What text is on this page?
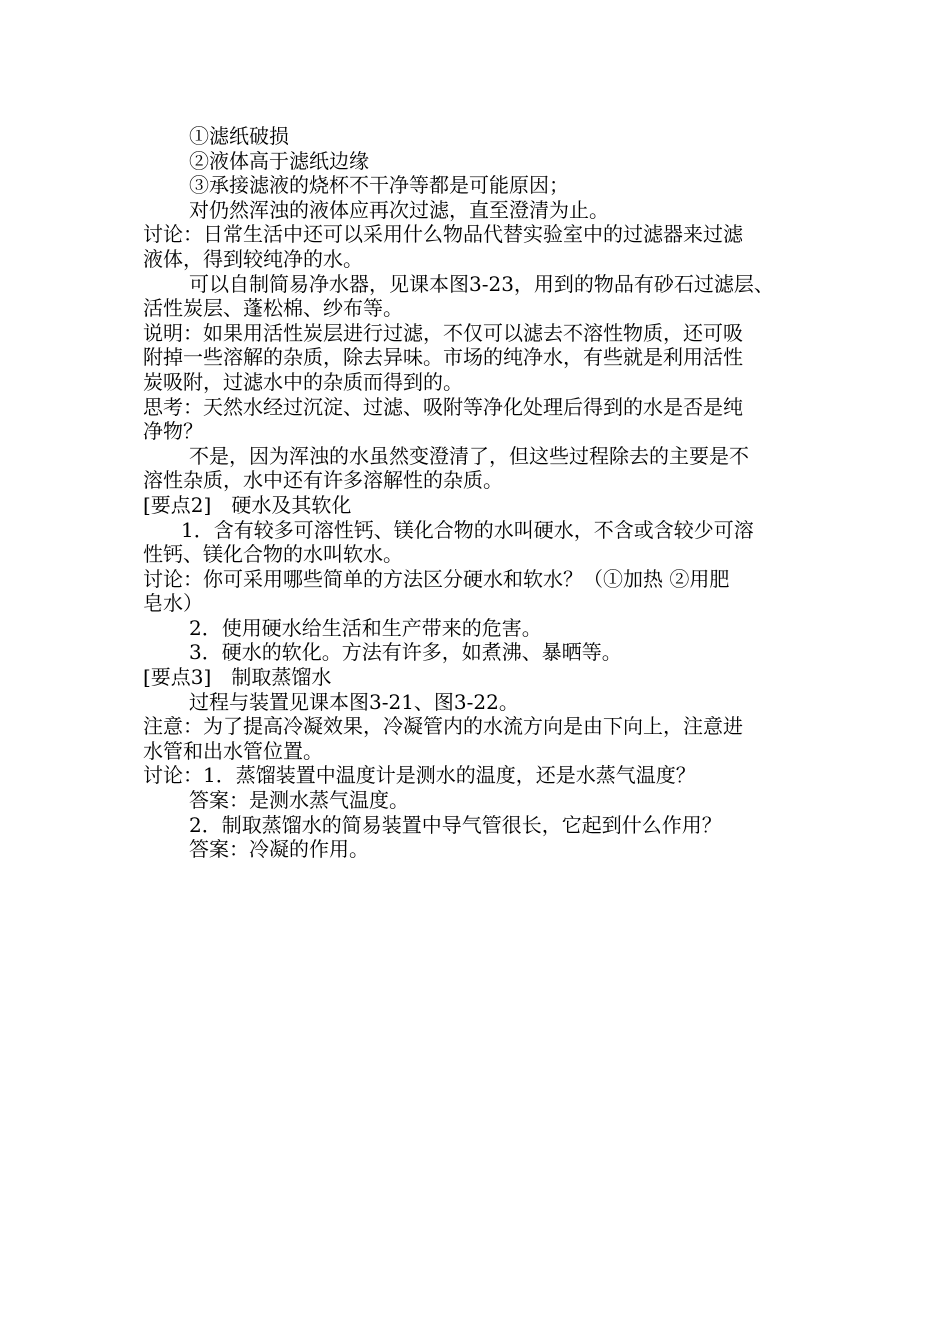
①滤纸破损
②液体高于滤纸边缘
③承接滤液的烧杯不干净等都是可能原因；
对仍然浑浊的液体应再次过滤，直至澄清为止。
讨论：日常生活中还可以采用什么物品代替实验室中的过滤器来过滤
液体，得到较纯净的水。
可以自制简易净水器，见课本图3-23，用到的物品有砂石过滤层、
活性炭层、蓬松棉、纱布等。
说明：如果用活性炭层进行过滤，不仅可以滤去不溶性物质，还可吸
附掉一些溶解的杂质，除去异味。市场的纯净水，有些就是利用活性
炭吸附，过滤水中的杂质而得到的。
思考：天然水经过沉淀、过滤、吸附等净化处理后得到的水是否是纯
净物？
不是，因为浑浊的水虽然变澄清了，但这些过程除去的主要是不
溶性杂质，水中还有许多溶解性的杂质。
[要点2]　硬水及其软化
1．含有较多可溶性钙、镁化合物的水叫硬水，不含或含较少可溶
性钙、镁化合物的水叫软水。
讨论：你可采用哪些简单的方法区分硬水和软水？（①加热 ②用肥
皂水）
2．使用硬水给生活和生产带来的危害。
3．硬水的软化。方法有许多，如煮沸、暴晒等。
[要点3]　制取蒸馏水
过程与装置见课本图3-21、图3-22。
注意：为了提高冷凝效果，冷凝管内的水流方向是由下向上，注意进
水管和出水管位置。
讨论：1．蒸馏装置中温度计是测水的温度，还是水蒸气温度？
答案：是测水蒸气温度。
2．制取蒸馏水的简易装置中导气管很长，它起到什么作用？
答案：冷凝的作用。
